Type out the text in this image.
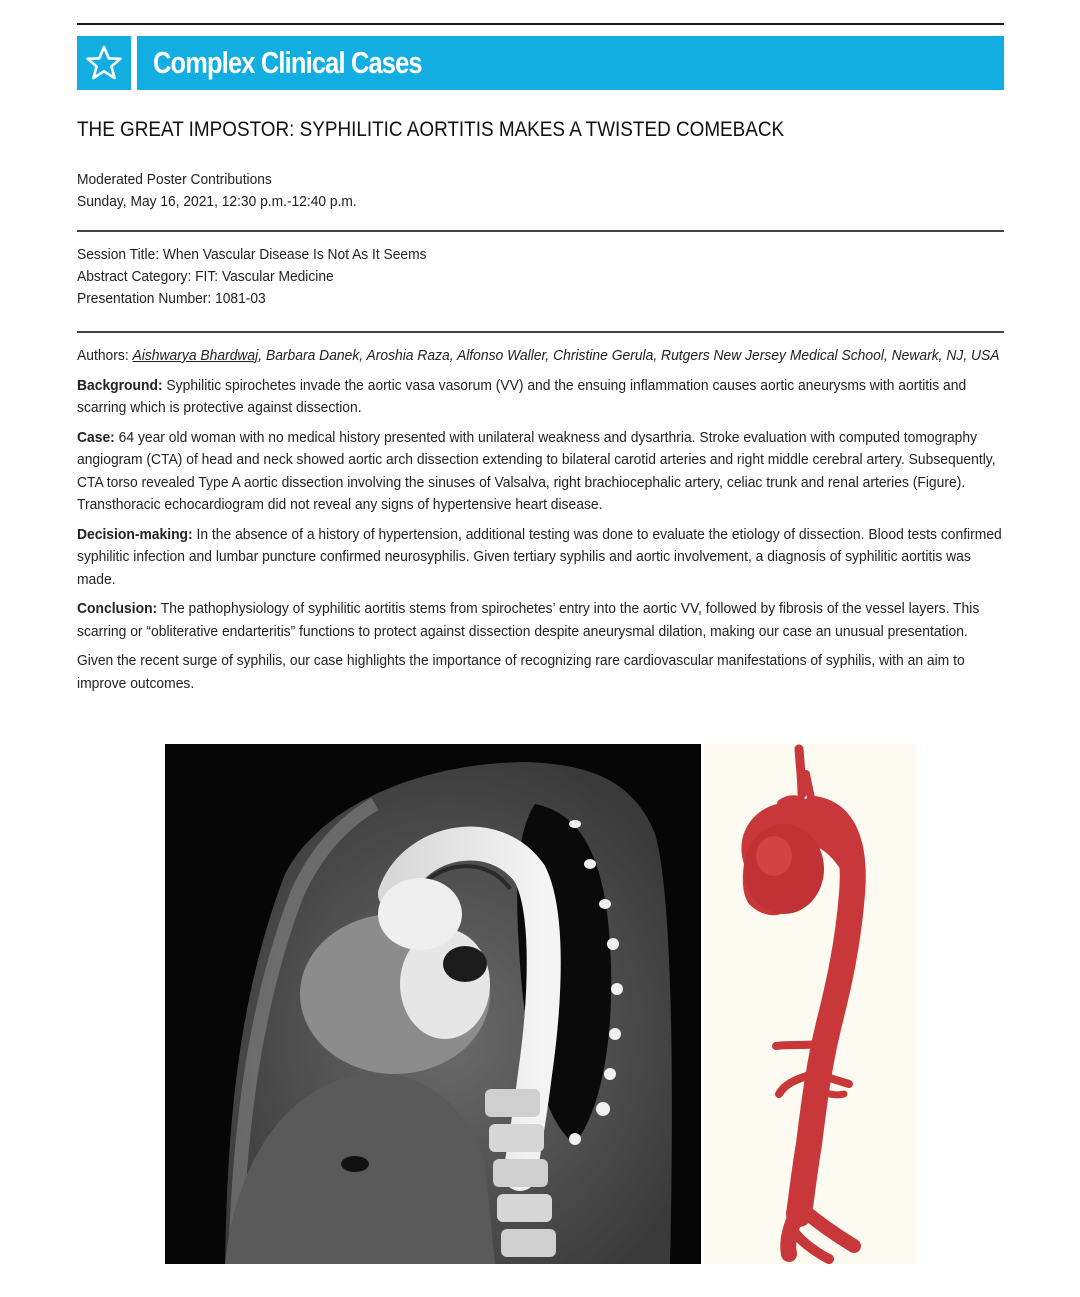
Complex Clinical Cases
THE GREAT IMPOSTOR: SYPHILITIC AORTITIS MAKES A TWISTED COMEBACK
Moderated Poster Contributions
Sunday, May 16, 2021, 12:30 p.m.-12:40 p.m.
Session Title: When Vascular Disease Is Not As It Seems
Abstract Category: FIT: Vascular Medicine
Presentation Number: 1081-03

Authors: Aishwarya Bhardwaj, Barbara Danek, Aroshia Raza, Alfonso Waller, Christine Gerula, Rutgers New Jersey Medical School, Newark, NJ, USA

Background: Syphilitic spirochetes invade the aortic vasa vasorum (VV) and the ensuing inflammation causes aortic aneurysms with aortitis and scarring which is protective against dissection.

Case: 64 year old woman with no medical history presented with unilateral weakness and dysarthria. Stroke evaluation with computed tomography angiogram (CTA) of head and neck showed aortic arch dissection extending to bilateral carotid arteries and right middle cerebral artery. Subsequently, CTA torso revealed Type A aortic dissection involving the sinuses of Valsalva, right brachiocephalic artery, celiac trunk and renal arteries (Figure). Transthoracic echocardiogram did not reveal any signs of hypertensive heart disease.

Decision-making: In the absence of a history of hypertension, additional testing was done to evaluate the etiology of dissection. Blood tests confirmed syphilitic infection and lumbar puncture confirmed neurosyphilis. Given tertiary syphilis and aortic involvement, a diagnosis of syphilitic aortitis was made.

Conclusion: The pathophysiology of syphilitic aortitis stems from spirochetes’ entry into the aortic VV, followed by fibrosis of the vessel layers. This scarring or “obliterative endarteritis” functions to protect against dissection despite aneurysmal dilation, making our case an unusual presentation.

Given the recent surge of syphilis, our case highlights the importance of recognizing rare cardiovascular manifestations of syphilis, with an aim to improve outcomes.
